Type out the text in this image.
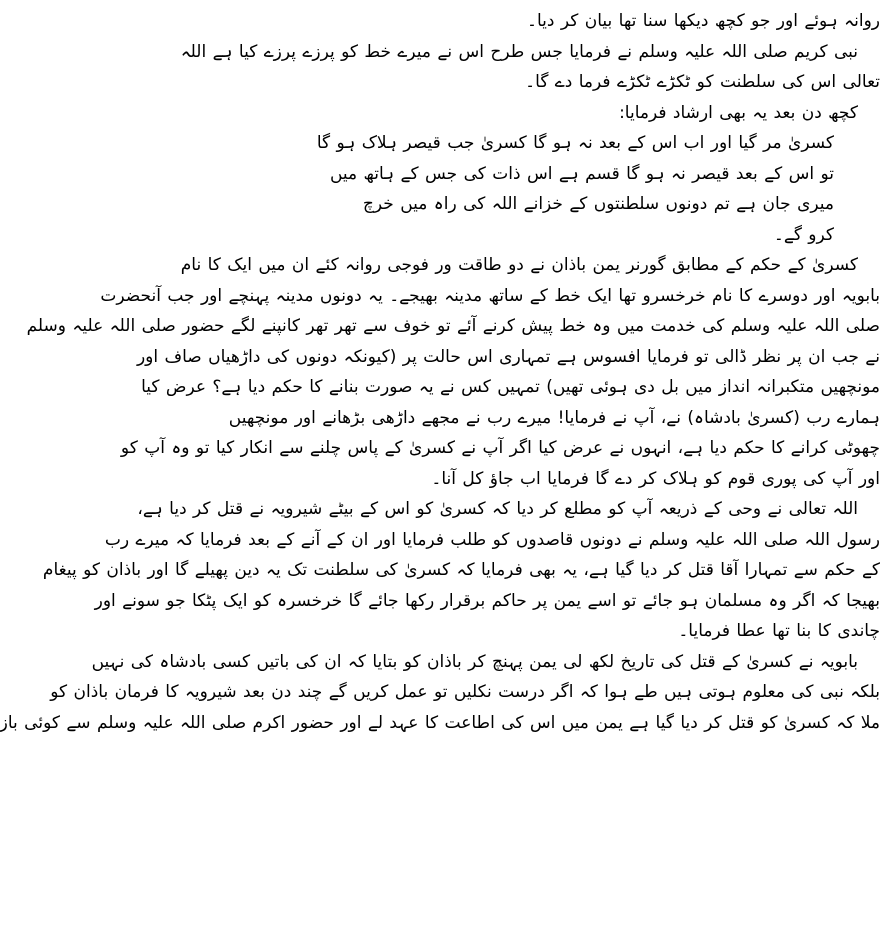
روانہ ہوئے اور جو کچھ دیکھا سنا تھا بیان کر دیا۔
نبی کریم صلی اللہ علیہ وسلم نے فرمایا جس طرح اس نے میرے خط کو پرزے پرزے کیا ہے اللہ
تعالی اس کی سلطنت کو ٹکڑے ٹکڑے فرما دے گا۔
کچھ دن بعد یہ بھی ارشاد فرمایا:
کسریٰ مر گیا اور اب اس کے بعد نہ ہو گا کسریٰ جب قیصر ہلاک ہو گا
تو اس کے بعد قیصر نہ ہو گا قسم ہے اس ذات کی جس کے ہاتھ میں
میری جان ہے تم دونوں سلطنتوں کے خزانے اللہ کی راہ میں خرچ
کرو گے۔
کسریٰ کے حکم کے مطابق گورنر یمن باذان نے دو طاقت ور فوجی روانہ کئے ان میں ایک کا نام
بابویہ اور دوسرے کا نام خرخسرو تھا ایک خط کے ساتھ مدینہ بھیجے۔ یہ دونوں مدینہ پہنچے اور جب آنحضرت
صلی اللہ علیہ وسلم کی خدمت میں وہ خط پیش کرنے آئے تو خوف سے تھر تھر کانپنے لگے حضور صلی اللہ علیہ وسلم
نے جب ان پر نظر ڈالی تو فرمایا افسوس ہے تمہاری اس حالت پر (کیونکہ دونوں کی داڑھیاں صاف اور
مونچھیں متکبرانہ انداز میں بل دی ہوئی تھیں) تمہیں کس نے یہ صورت بنانے کا حکم دیا ہے؟ عرض کیا
ہمارے رب (کسریٰ بادشاہ) نے، آپ نے فرمایا! میرے رب نے مجھے داڑھی بڑھانے اور مونچھیں
چھوٹی کرانے کا حکم دیا ہے، انہوں نے عرض کیا اگر آپ نے کسریٰ کے پاس چلنے سے انکار کیا تو وہ آپ کو
اور آپ کی پوری قوم کو ہلاک کر دے گا فرمایا اب جاؤ کل آنا۔
اللہ تعالی نے وحی کے ذریعہ آپ کو مطلع کر دیا کہ کسریٰ کو اس کے بیٹے شیرویہ نے قتل کر دیا ہے،
رسول اللہ صلی اللہ علیہ وسلم نے دونوں قاصدوں کو طلب فرمایا اور ان کے آنے کے بعد فرمایا کہ میرے رب
کے حکم سے تمہارا آقا قتل کر دیا گیا ہے، یہ بھی فرمایا کہ کسریٰ کی سلطنت تک یہ دین پھیلے گا اور باذان کو پیغام
بھیجا کہ اگر وہ مسلمان ہو جائے تو اسے یمن پر حاکم برقرار رکھا جائے گا خرخسرہ کو ایک پٹکا جو سونے اور
چاندی کا بنا تھا عطا فرمایا۔
بابویہ نے کسریٰ کے قتل کی تاریخ لکھ لی یمن پہنچ کر باذان کو بتایا کہ ان کی باتیں کسی بادشاہ کی نہیں
بلکہ نبی کی معلوم ہوتی ہیں طے ہوا کہ اگر درست نکلیں تو عمل کریں گے چند دن بعد شیرویہ کا فرمان باذان کو
ملا کہ کسریٰ کو قتل کر دیا گیا ہے یمن میں اس کی اطاعت کا عہد لے اور حضور اکرم صلی اللہ علیہ وسلم سے کوئی باز
